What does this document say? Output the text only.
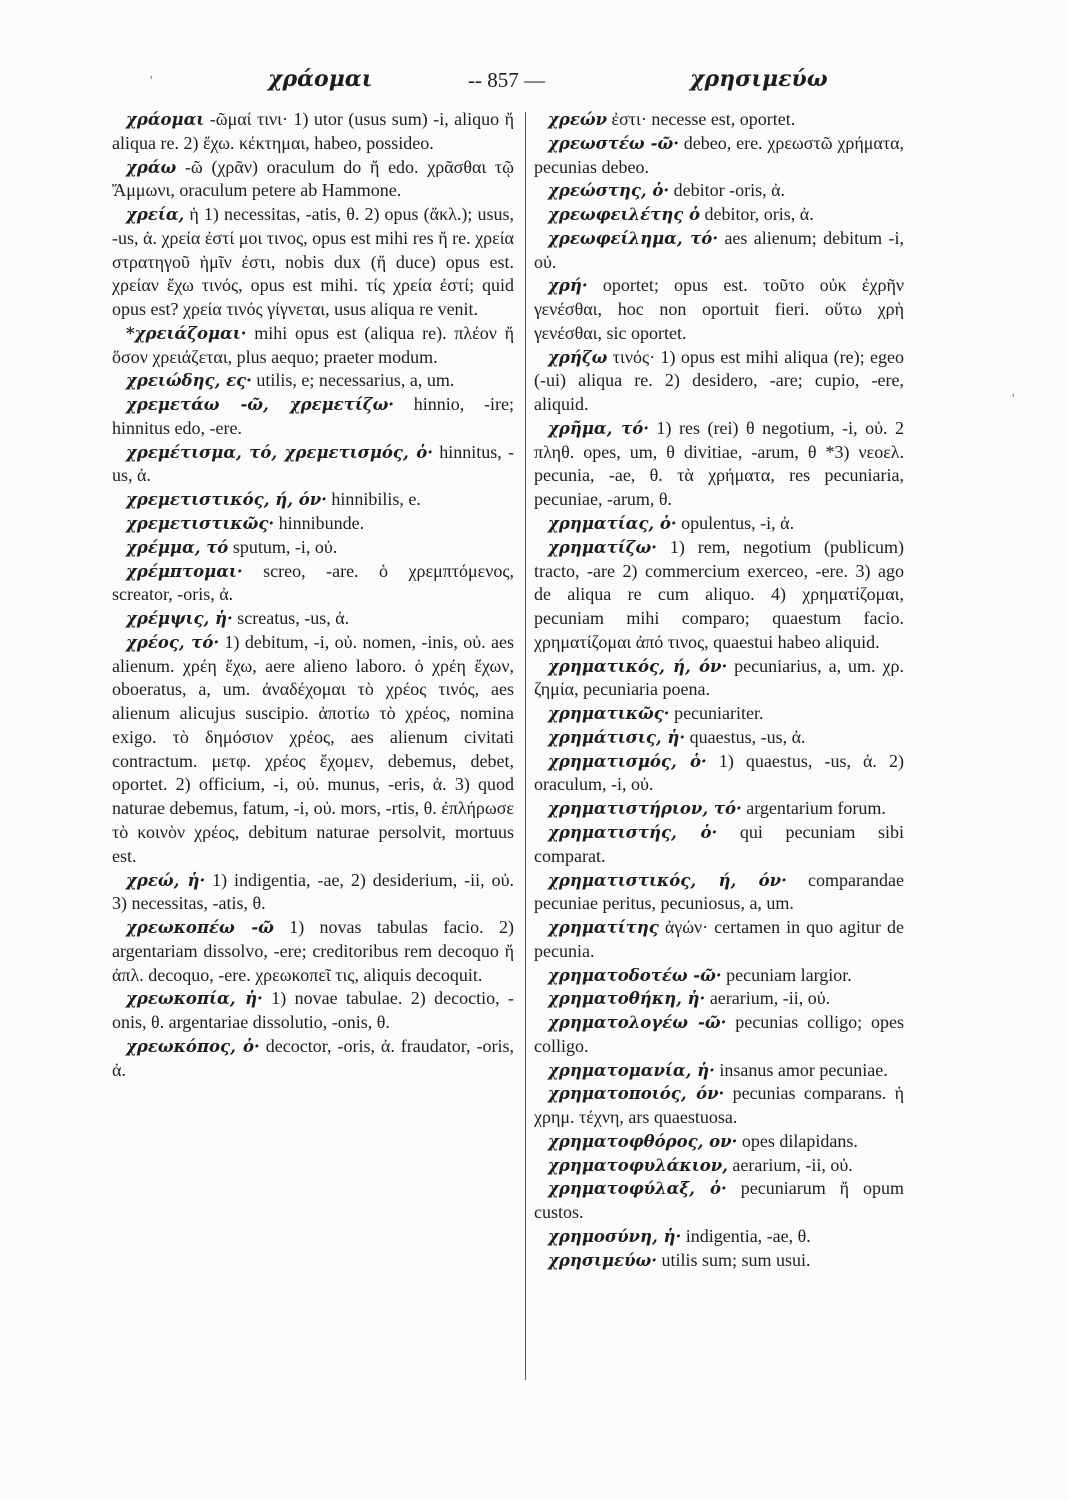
χράομαι	-- 857 —	χρησιμεύω
'
'

χράομαι -ῶμαί τινι· 1) utor (usus sum) -i, aliquo ἤ aliqua re. 2) ἔχω. κέκτημαι, habeo, possideo.

χράω -ῶ (χρᾶν) oraculum do ἤ edo. χρᾶσθαι τῷ Ἄμμωνι, oraculum petere ab Hammone.

χρεία, ἡ 1) necessitas, -atis, θ. 2) opus (ἄκλ.); usus, -us, ἀ. χρεία ἐστί μοι τινος, opus est mihi res ἤ re. χρεία στρατηγοῦ ἡμῖν ἐστι, nobis dux (ἤ duce) opus est. χρείαν ἔχω τινός, opus est mihi. τίς χρεία ἐστί; quid opus est? χρεία τινός γίγνεται, usus aliqua re venit.

*χρειάζομαι· mihi opus est (aliqua re). πλέον ἤ ὅσον χρειάζεται, plus aequo; praeter modum.

χρειώδης, ες· utilis, e; necessarius, a, um.

χρεμετάω -ῶ, χρεμετίζω· hinnio, -ire; hinnitus edo, -ere.

χρεμέτισμα, τό, χρεμετισμός, ὁ· hinnitus, -us, ἀ.

χρεμετιστικός, ή, όν· hinnibilis, e.

χρεμετιστικῶς· hinnibunde.

χρέμμα, τό sputum, -i, οὐ.

χρέμπτομαι· screo, -are. ὁ χρεμπτόμενος, screator, -oris, ἀ.

χρέμψις, ἡ· screatus, -us, ἀ.

χρέος, τό· 1) debitum, -i, οὐ. nomen, -inis, οὐ. aes alienum. χρέη ἔχω, aere alieno laboro. ὁ χρέη ἔχων, oboeratus, a, um. ἀναδέχομαι τὸ χρέος τινός, aes alienum alicujus suscipio. ἀποτίω τὸ χρέος, nomina exigo. τὸ δημόσιον χρέος, aes alienum civitati contractum. μετφ. χρέος ἔχομεν, debemus, debet, oportet. 2) officium, -i, οὐ. munus, -eris, ἀ. 3) quod naturae debemus, fatum, -i, οὐ. mors, -rtis, θ. ἐπλήρωσε τὸ κοινὸν χρέος, debitum naturae persolvit, mortuus est.

χρεώ, ἡ· 1) indigentia, -ae, 2) desiderium, -ii, οὐ. 3) necessitas, -atis, θ.

χρεωκοπέω -ῶ 1) novas tabulas facio. 2) argentariam dissolvo, -ere; creditoribus rem decoquo ἤ ἀπλ. decoquo, -ere. χρεωκοπεῖ τις, aliquis decoquit.

χρεωκοπία, ἡ· 1) novae tabulae. 2) decoctio, -onis, θ. argentariae dissolutio, -onis, θ.

χρεωκόπος, ὁ· decoctor, -oris, ἀ. fraudator, -oris, ἀ.

χρεών ἐστι· necesse est, oportet.

χρεωστέω -ῶ· debeo, ere. χρεωστῶ χρήματα, pecunias debeo.

χρεώστης, ὁ· debitor -oris, ἀ.

χρεωφειλέτης ὁ debitor, oris, ἀ.

χρεωφείλημα, τό· aes alienum; debitum -i, οὐ.

χρή· oportet; opus est. τοῦτο οὐκ ἐχρῆν γενέσθαι, hoc non oportuit fieri. οὕτω χρὴ γενέσθαι, sic oportet.

χρήζω τινός· 1) opus est mihi aliqua (re); egeo (-ui) aliqua re. 2) desidero, -are; cupio, -ere, aliquid.

χρῆμα, τό· 1) res (rei) θ negotium, -i, οὐ. 2 πληθ. opes, um, θ divitiae, -arum, θ *3) νεοελ. pecunia, -ae, θ. τὰ χρήματα, res pecuniaria, pecuniae, -arum, θ.

χρηματίας, ὁ· opulentus, -i, ἀ.

χρηματίζω· 1) rem, negotium (publicum) tracto, -are 2) commercium exerceo, -ere. 3) ago de aliqua re cum aliquo. 4) χρηματίζομαι, pecuniam mihi comparo; quaestum facio. χρηματίζομαι ἀπό τινος, quaestui habeo aliquid.

χρηματικός, ή, όν· pecuniarius, a, um. χρ. ζημία, pecuniaria poena.

χρηματικῶς· pecuniariter.

χρημάτισις, ἡ· quaestus, -us, ἀ.

χρηματισμός, ὁ· 1) quaestus, -us, ἀ. 2) oraculum, -i, οὐ.

χρηματιστήριον, τό· argentarium forum.

χρηματιστής, ὁ· qui pecuniam sibi comparat.

χρηματιστικός, ή, όν· comparandae pecuniae peritus, pecuniosus, a, um.

χρηματίτης ἀγών· certamen in quo agitur de pecunia.

χρηματοδοτέω -ῶ· pecuniam largior.

χρηματοθήκη, ἡ· aerarium, -ii, οὐ.

χρηματολογέω -ῶ· pecunias colligo; opes colligo.

χρηματομανία, ἡ· insanus amor pecuniae.

χρηματοποιός, όν· pecunias comparans. ἡ χρημ. τέχνη, ars quaestuosa.

χρηματοφθόρος, ον· opes dilapidans.

χρηματοφυλάκιον, aerarium, -ii, οὐ.

χρηματοφύλαξ, ὁ· pecuniarum ἤ opum custos.

χρημοσύνη, ἡ· indigentia, -ae, θ.

χρησιμεύω· utilis sum; sum usui.
